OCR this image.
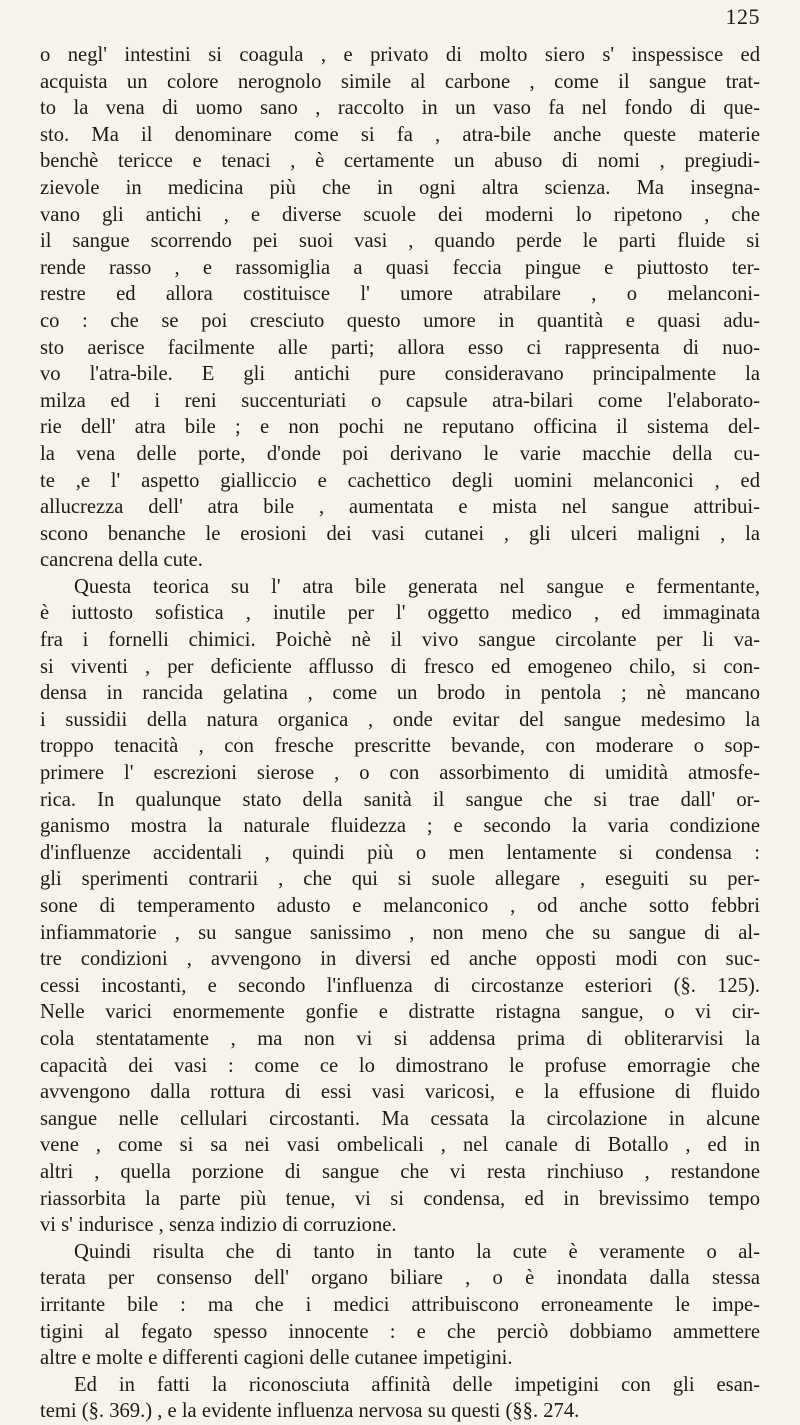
125
o negl' intestini si coagula , e privato di molto siero s' inspessisce ed
acquista un colore nerognolo simile al carbone , come il sangue trat-
to la vena di uomo sano , raccolto in un vaso fa nel fondo di que-
sto. Ma il denominare come si fa , atra-bile anche queste materie
benchè tericce e tenaci , è certamente un abuso di nomi , pregiudi-
zievole in medicina più che in ogni altra scienza. Ma insegna-
vano gli antichi , e diverse scuole dei moderni lo ripetono , che
il sangue scorrendo pei suoi vasi , quando perde le parti fluide si
rende rasso , e rassomiglia a quasi feccia pingue e piuttosto ter-
restre ed allora costituisce l' umore atrabilare , o melanconi-
co : che se poi cresciuto questo umore in quantità e quasi adu-
sto aerisce facilmente alle parti; allora esso ci rappresenta di nuo-
vo l'atra-bile. E gli antichi pure consideravano principalmente la
milza ed i reni succenturiati o capsule atra-bilari come l'elaborato-
rie dell' atra bile ; e non pochi ne reputano officina il sistema del-
la vena delle porte, d'onde poi derivano le varie macchie della cu-
te ,e l' aspetto gialliccio e cachettico degli uomini melanconici , ed
allucrezza dell' atra bile , aumentata e mista nel sangue attribui-
scono benanche le erosioni dei vasi cutanei , gli ulceri maligni , la
cancrena della cute.
Questa teorica su l' atra bile generata nel sangue e fermentante,
è iuttosto sofistica , inutile per l' oggetto medico , ed immaginata
fra i fornelli chimici. Poichè nè il vivo sangue circolante per li va-
si viventi , per deficiente afflusso di fresco ed emogeneo chilo, si con-
densa in rancida gelatina , come un brodo in pentola ; nè mancano
i sussidii della natura organica , onde evitar del sangue medesimo la
troppo tenacità , con fresche prescritte bevande, con moderare o sop-
primere l' escrezioni sierose , o con assorbimento di umidità atmosfe-
rica. In qualunque stato della sanità il sangue che si trae dall' or-
ganismo mostra la naturale fluidezza ; e secondo la varia condizione
d'influenze accidentali , quindi più o men lentamente si condensa :
gli sperimenti contrarii , che qui si suole allegare , eseguiti su per-
sone di temperamento adusto e melanconico , od anche sotto febbri
infiammatorie , su sangue sanissimo , non meno che su sangue di al-
tre condizioni , avvengono in diversi ed anche opposti modi con suc-
cessi incostanti, e secondo l'influenza di circostanze esteriori (§. 125).
Nelle varici enormemente gonfie e distratte ristagna sangue, o vi cir-
cola stentatamente , ma non vi si addensa prima di obliterarvisi la
capacità dei vasi : come ce lo dimostrano le profuse emorragie che
avvengono dalla rottura di essi vasi varicosi, e la effusione di fluido
sangue nelle cellulari circostanti. Ma cessata la circolazione in alcune
vene , come si sa nei vasi ombelicali , nel canale di Botallo , ed in
altri , quella porzione di sangue che vi resta rinchiuso , restandone
riassorbita la parte più tenue, vi si condensa, ed in brevissimo tempo
vi s' indurisce , senza indizio di corruzione.
Quindi risulta che di tanto in tanto la cute è veramente o al-
terata per consenso dell' organo biliare , o è inondata dalla stessa
irritante bile : ma che i medici attribuiscono erroneamente le impe-
tigini al fegato spesso innocente : e che perciò dobbiamo ammettere
altre e molte e differenti cagioni delle cutanee impetigini.
Ed in fatti la riconosciuta affinità delle impetigini con gli esan-
temi (§. 369.) , e la evidente influenza nervosa su questi (§§. 274.
